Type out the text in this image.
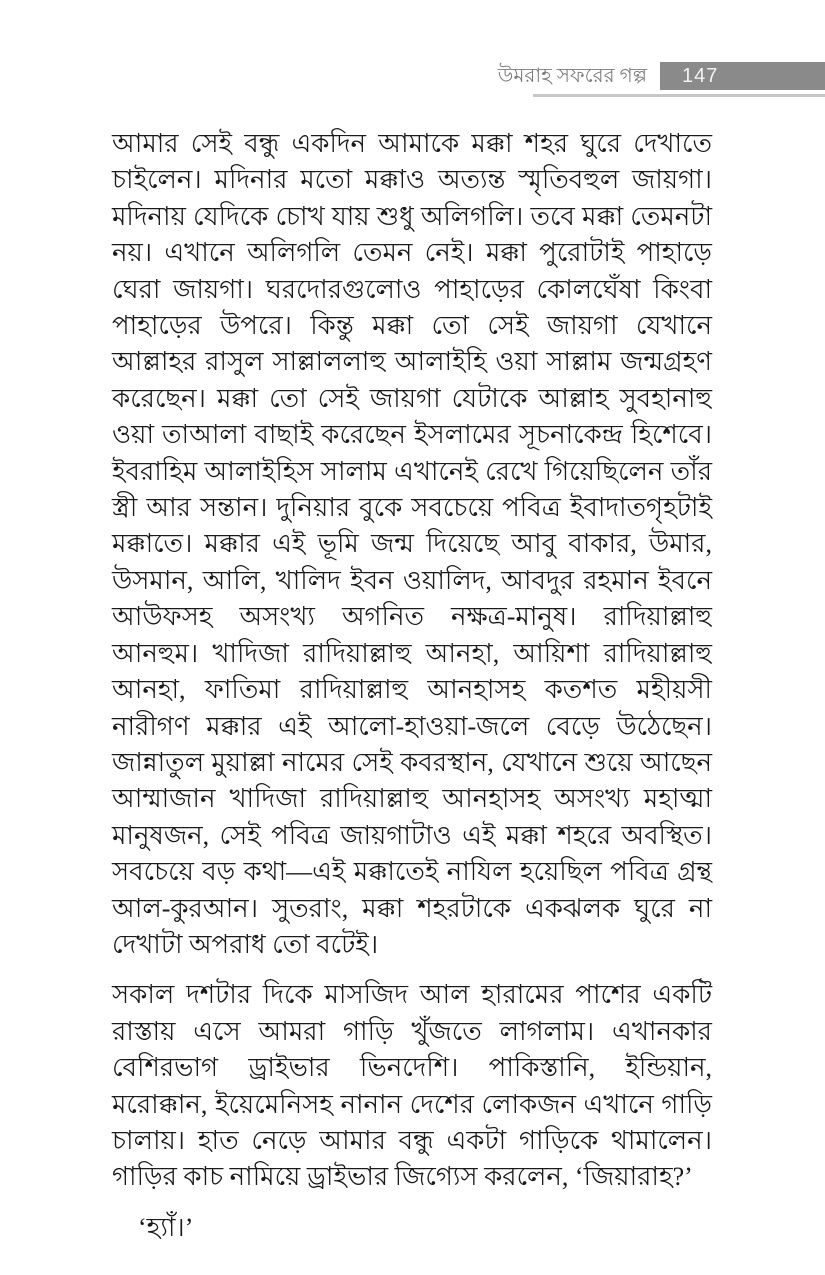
উমরাহ সফরের গল্প	147

আমার সেই বন্ধু একদিন আমাকে মক্কা শহর ঘুরে দেখাতে চাইলেন। মদিনার মতো মক্কাও অত্যন্ত স্মৃতিবহুল জায়গা। মদিনায় যেদিকে চোখ যায় শুধু অলিগলি। তবে মক্কা তেমনটা নয়। এখানে অলিগলি তেমন নেই। মক্কা পুরোটাই পাহাড়ে ঘেরা জায়গা। ঘরদোরগুলোও পাহাড়ের কোলঘেঁষা কিংবা পাহাড়ের উপরে। কিন্তু মক্কা তো সেই জায়গা যেখানে আল্লাহর রাসুল সাল্লাললাহু আলাইহি ওয়া সাল্লাম জন্মগ্রহণ করেছেন। মক্কা তো সেই জায়গা যেটাকে আল্লাহ সুবহানাহু ওয়া তাআলা বাছাই করেছেন ইসলামের সূচনাকেন্দ্র হিশেবে। ইবরাহিম আলাইহিস সালাম এখানেই রেখে গিয়েছিলেন তাঁর স্ত্রী আর সন্তান। দুনিয়ার বুকে সবচেয়ে পবিত্র ইবাদাতগৃহটাই মক্কাতে। মক্কার এই ভূমি জন্ম দিয়েছে আবু বাকার, উমার, উসমান, আলি, খালিদ ইবন ওয়ালিদ, আবদুর রহমান ইবনে আউফসহ অসংখ্য অগনিত নক্ষত্র-মানুষ। রাদিয়াল্লাহু আনহুম। খাদিজা রাদিয়াল্লাহু আনহা, আয়িশা রাদিয়াল্লাহু আনহা, ফাতিমা রাদিয়াল্লাহু আনহাসহ কতশত মহীয়সী নারীগণ মক্কার এই আলো-হাওয়া-জলে বেড়ে উঠেছেন। জান্নাতুল মুয়াল্লা নামের সেই কবরস্থান, যেখানে শুয়ে আছেন আম্মাজান খাদিজা রাদিয়াল্লাহু আনহাসহ অসংখ্য মহাত্মা মানুষজন, সেই পবিত্র জায়গাটাও এই মক্কা শহরে অবস্থিত। সবচেয়ে বড় কথা—এই মক্কাতেই নাযিল হয়েছিল পবিত্র গ্রন্থ আল-কুরআন। সুতরাং, মক্কা শহরটাকে একঝলক ঘুরে না দেখাটা অপরাধ তো বটেই।

সকাল দশটার দিকে মাসজিদ আল হারামের পাশের একটি রাস্তায় এসে আমরা গাড়ি খুঁজতে লাগলাম। এখানকার বেশিরভাগ ড্রাইভার ভিনদেশি। পাকিস্তানি, ইন্ডিয়ান, মরোক্কান, ইয়েমেনিসহ নানান দেশের লোকজন এখানে গাড়ি চালায়। হাত নেড়ে আমার বন্ধু একটা গাড়িকে থামালেন। গাড়ির কাচ নামিয়ে ড্রাইভার জিগ্যেস করলেন, ‘জিয়ারাহ?’

‘হ্যাঁ।’
